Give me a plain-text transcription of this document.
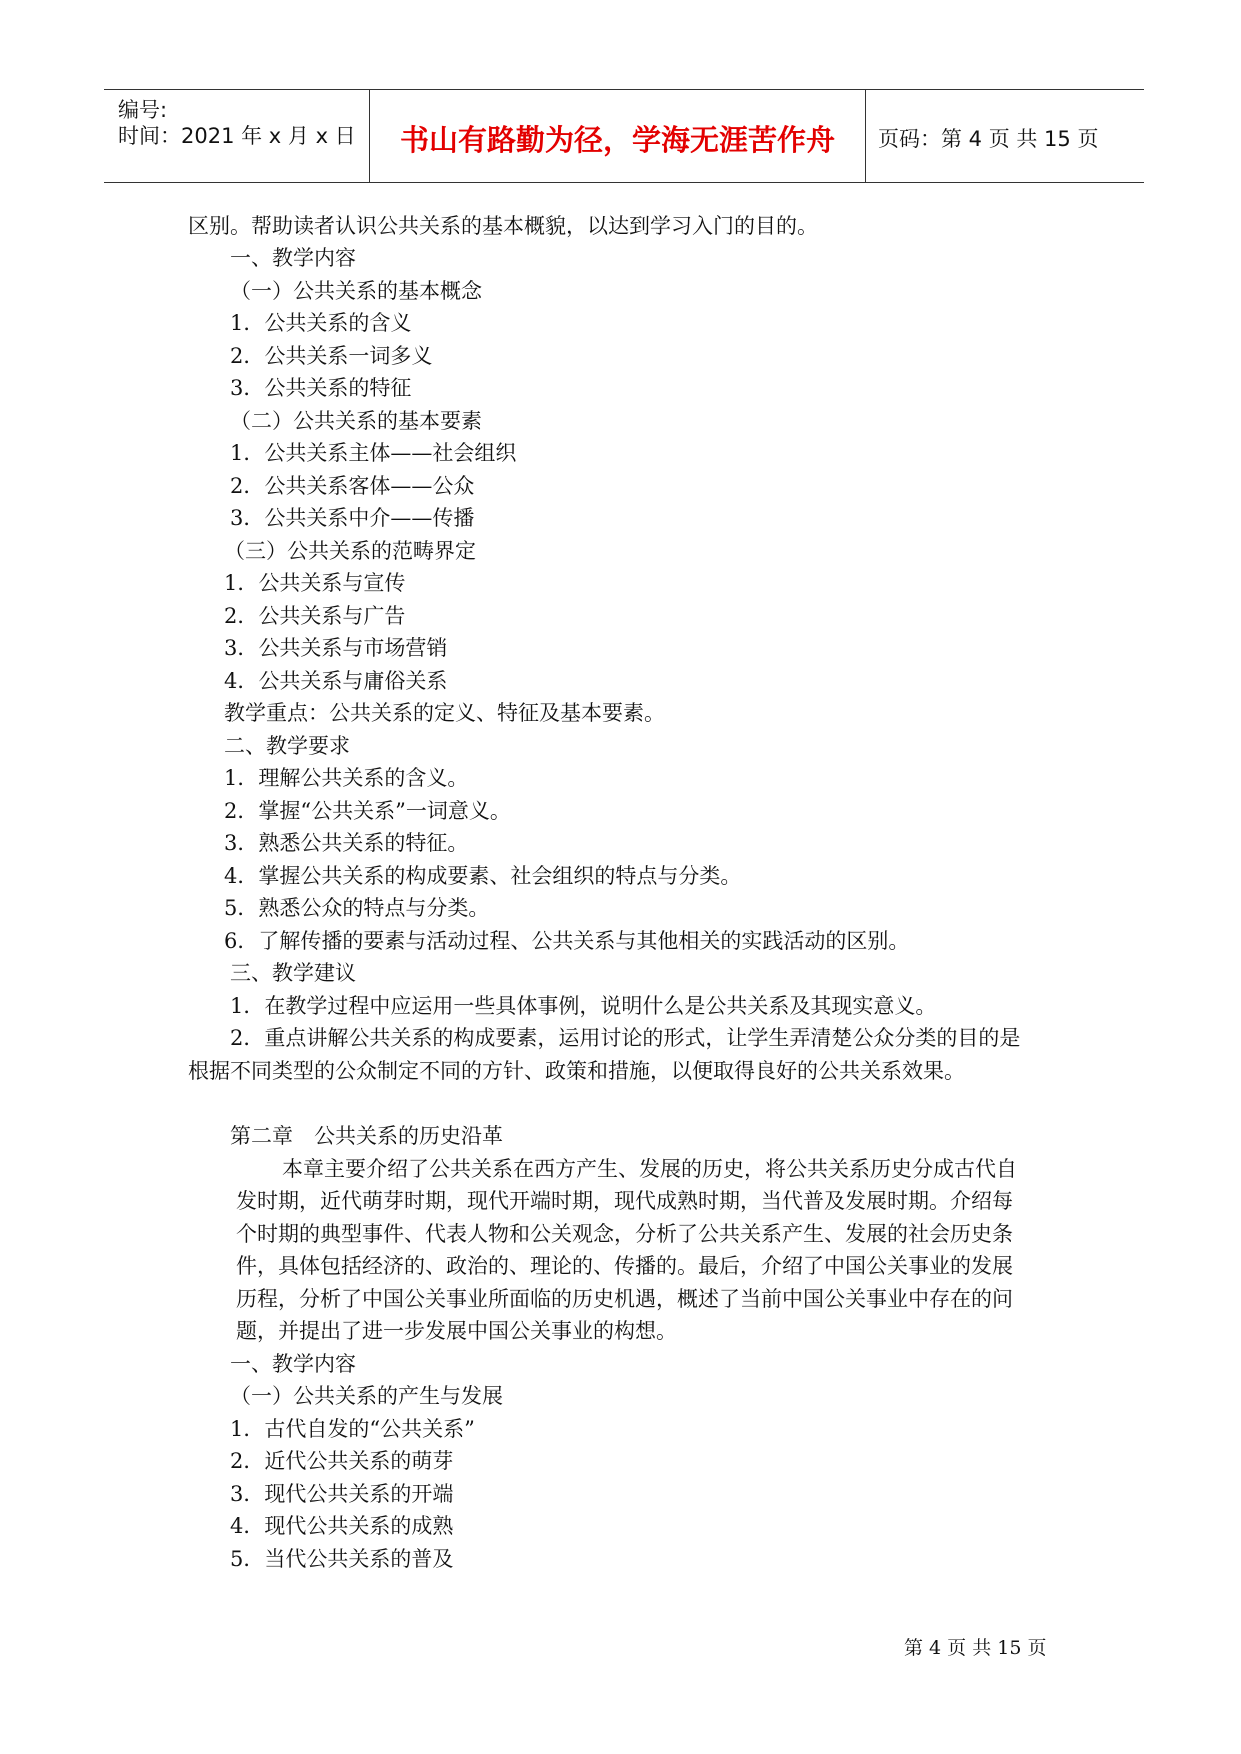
编号:
时间：2021 年 x 月 x 日	书山有路勤为径，学海无涯苦作舟	页码：第 4 页 共 15 页
区别。帮助读者认识公共关系的基本概貌，以达到学习入门的目的。
一、教学内容
（一）公共关系的基本概念
1．公共关系的含义
2．公共关系一词多义
3．公共关系的特征
（二）公共关系的基本要素
1．公共关系主体——社会组织
2．公共关系客体——公众
3．公共关系中介——传播
（三）公共关系的范畴界定
1．公共关系与宣传
2．公共关系与广告
3．公共关系与市场营销
4．公共关系与庸俗关系
教学重点：公共关系的定义、特征及基本要素。
二、教学要求
1．理解公共关系的含义。
2．掌握“公共关系”一词意义。
3．熟悉公共关系的特征。
4．掌握公共关系的构成要素、社会组织的特点与分类。
5．熟悉公众的特点与分类。
6．了解传播的要素与活动过程、公共关系与其他相关的实践活动的区别。
三、教学建议
1．在教学过程中应运用一些具体事例，说明什么是公共关系及其现实意义。
2．重点讲解公共关系的构成要素，运用讨论的形式，让学生弄清楚公众分类的目的是
根据不同类型的公众制定不同的方针、政策和措施，以便取得良好的公共关系效果。
第二章　公共关系的历史沿革
本章主要介绍了公共关系在西方产生、发展的历史，将公共关系历史分成古代自
发时期，近代萌芽时期，现代开端时期，现代成熟时期，当代普及发展时期。介绍每
个时期的典型事件、代表人物和公关观念，分析了公共关系产生、发展的社会历史条
件，具体包括经济的、政治的、理论的、传播的。最后，介绍了中国公关事业的发展
历程，分析了中国公关事业所面临的历史机遇，概述了当前中国公关事业中存在的问
题，并提出了进一步发展中国公关事业的构想。
一、教学内容
（一）公共关系的产生与发展
1．古代自发的“公共关系”
2．近代公共关系的萌芽
3．现代公共关系的开端
4．现代公共关系的成熟
5．当代公共关系的普及
第 4 页 共 15 页
